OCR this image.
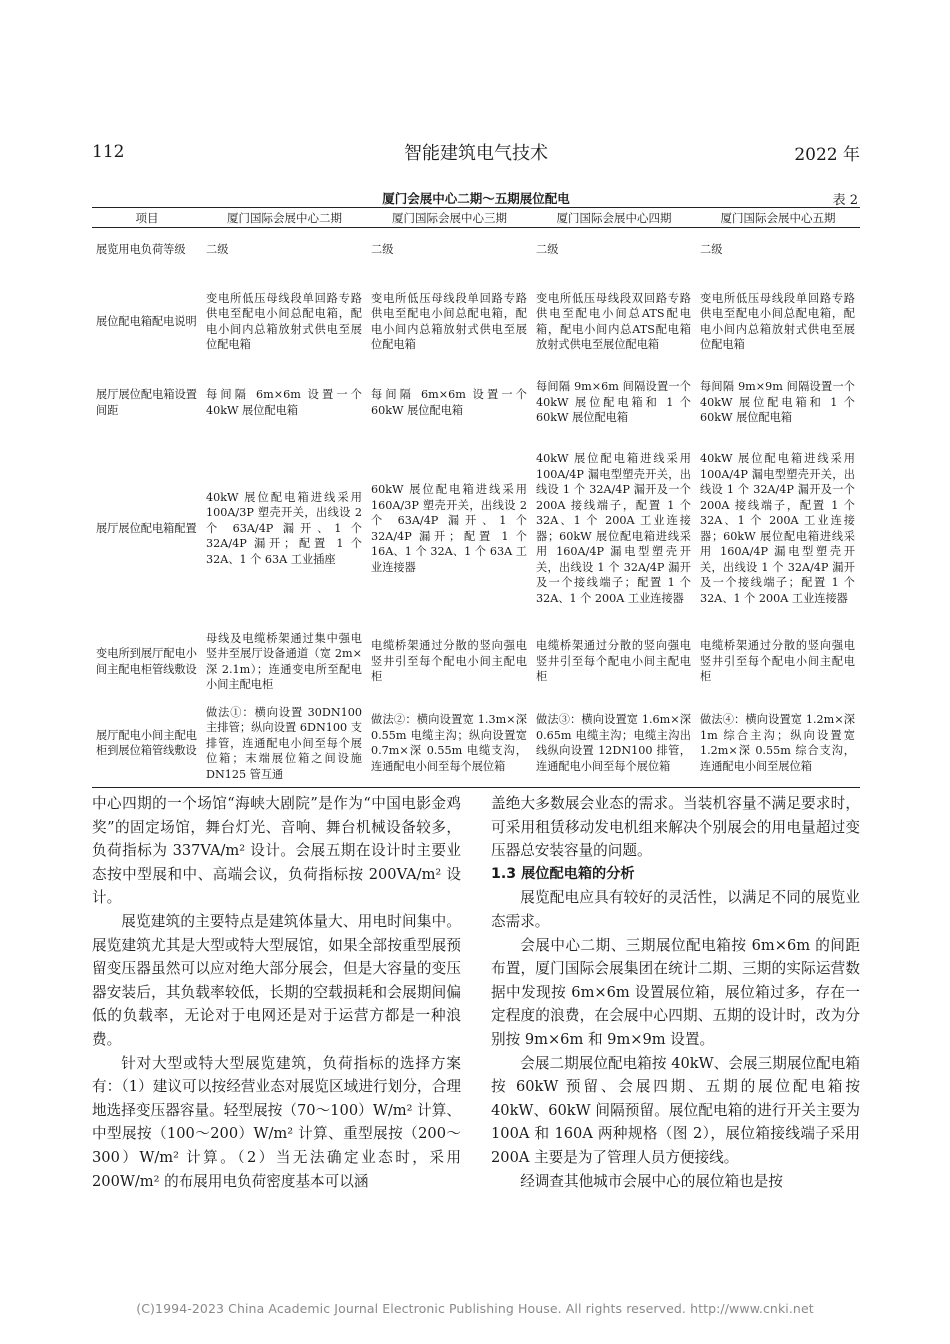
112	智能建筑电气技术	2022 年
厦门会展中心二期～五期展位配电	表 2
项目	厦门国际会展中心二期	厦门国际会展中心三期	厦门国际会展中心四期	厦门国际会展中心五期
展览用电负荷等级	二级	二级	二级	二级
展位配电箱配电说明	变电所低压母线段单回路专路供电至配电小间总配电箱，配电小间内总箱放射式供电至展位配电箱	变电所低压母线段单回路专路供电至配电小间总配电箱，配电小间内总箱放射式供电至展位配电箱	变电所低压母线段双回路专路供电至配电小间总ATS配电箱，配电小间内总ATS配电箱放射式供电至展位配电箱	变电所低压母线段单回路专路供电至配电小间总配电箱，配电小间内总箱放射式供电至展位配电箱
展厅展位配电箱设置间距	每间隔 6m×6m 设置一个 40kW 展位配电箱	每间隔 6m×6m 设置一个 60kW 展位配电箱	每间隔 9m×6m 间隔设置一个 40kW 展位配电箱和 1 个 60kW 展位配电箱	每间隔 9m×9m 间隔设置一个 40kW 展位配电箱和 1 个 60kW 展位配电箱
展厅展位配电箱配置	40kW 展位配电箱进线采用 100A/3P 塑壳开关，出线设 2 个 63A/4P 漏开、1 个 32A/4P 漏开；配置 1 个 32A、1 个 63A 工业插座	60kW 展位配电箱进线采用 160A/3P 塑壳开关，出线设 2 个 63A/4P 漏开、1 个 32A/4P 漏开；配置 1 个 16A、1 个 32A、1 个 63A 工业连接器	40kW 展位配电箱进线采用 100A/4P 漏电型塑壳开关，出线设 1 个 32A/4P 漏开及一个 200A 接线端子，配置 1 个 32A、1 个 200A 工业连接器；60kW 展位配电箱进线采用 160A/4P 漏电型塑壳开关，出线设 1 个 32A/4P 漏开及一个接线端子；配置 1 个 32A、1 个 200A 工业连接器	40kW 展位配电箱进线采用 100A/4P 漏电型塑壳开关，出线设 1 个 32A/4P 漏开及一个 200A 接线端子，配置 1 个 32A、1 个 200A 工业连接器；60kW 展位配电箱进线采用 160A/4P 漏电型塑壳开关，出线设 1 个 32A/4P 漏开及一个接线端子；配置 1 个 32A、1 个 200A 工业连接器
变电所到展厅配电小间主配电柜管线敷设	母线及电缆桥架通过集中强电竖井至展厅设备通道（宽 2m×深 2.1m）；连通变电所至配电小间主配电柜	电缆桥架通过分散的竖向强电竖井引至每个配电小间主配电柜	电缆桥架通过分散的竖向强电竖井引至每个配电小间主配电柜	电缆桥架通过分散的竖向强电竖井引至每个配电小间主配电柜
展厅配电小间主配电柜到展位箱管线敷设	做法①：横向设置 30DN100 主排管；纵向设置 6DN100 支排管，连通配电小间至每个展位箱；末端展位箱之间设施 DN125 管互通	做法②：横向设置宽 1.3m×深 0.55m 电缆主沟；纵向设置宽 0.7m×深 0.55m 电缆支沟，连通配电小间至每个展位箱	做法③：横向设置宽 1.6m×深 0.65m 电缆主沟；电缆主沟出线纵向设置 12DN100 排管，连通配电小间至每个展位箱	做法④：横向设置宽 1.2m×深 1m 综合主沟；纵向设置宽 1.2m×深 0.55m 综合支沟，连通配电小间至展位箱

中心四期的一个场馆“海峡大剧院”是作为“中国电影金鸡奖”的固定场馆，舞台灯光、音响、舞台机械设备较多，负荷指标为 337VA/m² 设计。会展五期在设计时主要业态按中型展和中、高端会议，负荷指标按 200VA/m² 设计。

展览建筑的主要特点是建筑体量大、用电时间集中。展览建筑尤其是大型或特大型展馆，如果全部按重型展预留变压器虽然可以应对绝大部分展会，但是大容量的变压器安装后，其负载率较低，长期的空载损耗和会展期间偏低的负载率，无论对于电网还是对于运营方都是一种浪费。

针对大型或特大型展览建筑，负荷指标的选择方案有：（1）建议可以按经营业态对展览区域进行划分，合理地选择变压器容量。轻型展按（70～100）W/m² 计算、中型展按（100～200）W/m² 计算、重型展按（200～300）W/m² 计算。（2）当无法确定业态时，采用 200W/m² 的布展用电负荷密度基本可以涵

盖绝大多数展会业态的需求。当装机容量不满足要求时，可采用租赁移动发电机组来解决个别展会的用电量超过变压器总安装容量的问题。

1.3 展位配电箱的分析

展览配电应具有较好的灵活性，以满足不同的展览业态需求。

会展中心二期、三期展位配电箱按 6m×6m 的间距布置，厦门国际会展集团在统计二期、三期的实际运营数据中发现按 6m×6m 设置展位箱，展位箱过多，存在一定程度的浪费，在会展中心四期、五期的设计时，改为分别按 9m×6m 和 9m×9m 设置。

会展二期展位配电箱按 40kW、会展三期展位配电箱按 60kW 预留、会展四期、五期的展位配电箱按 40kW、60kW 间隔预留。展位配电箱的进行开关主要为 100A 和 160A 两种规格（图 2），展位箱接线端子采用 200A 主要是为了管理人员方便接线。

经调查其他城市会展中心的展位箱也是按

(C)1994-2023 China Academic Journal Electronic Publishing House. All rights reserved. http://www.cnki.net
